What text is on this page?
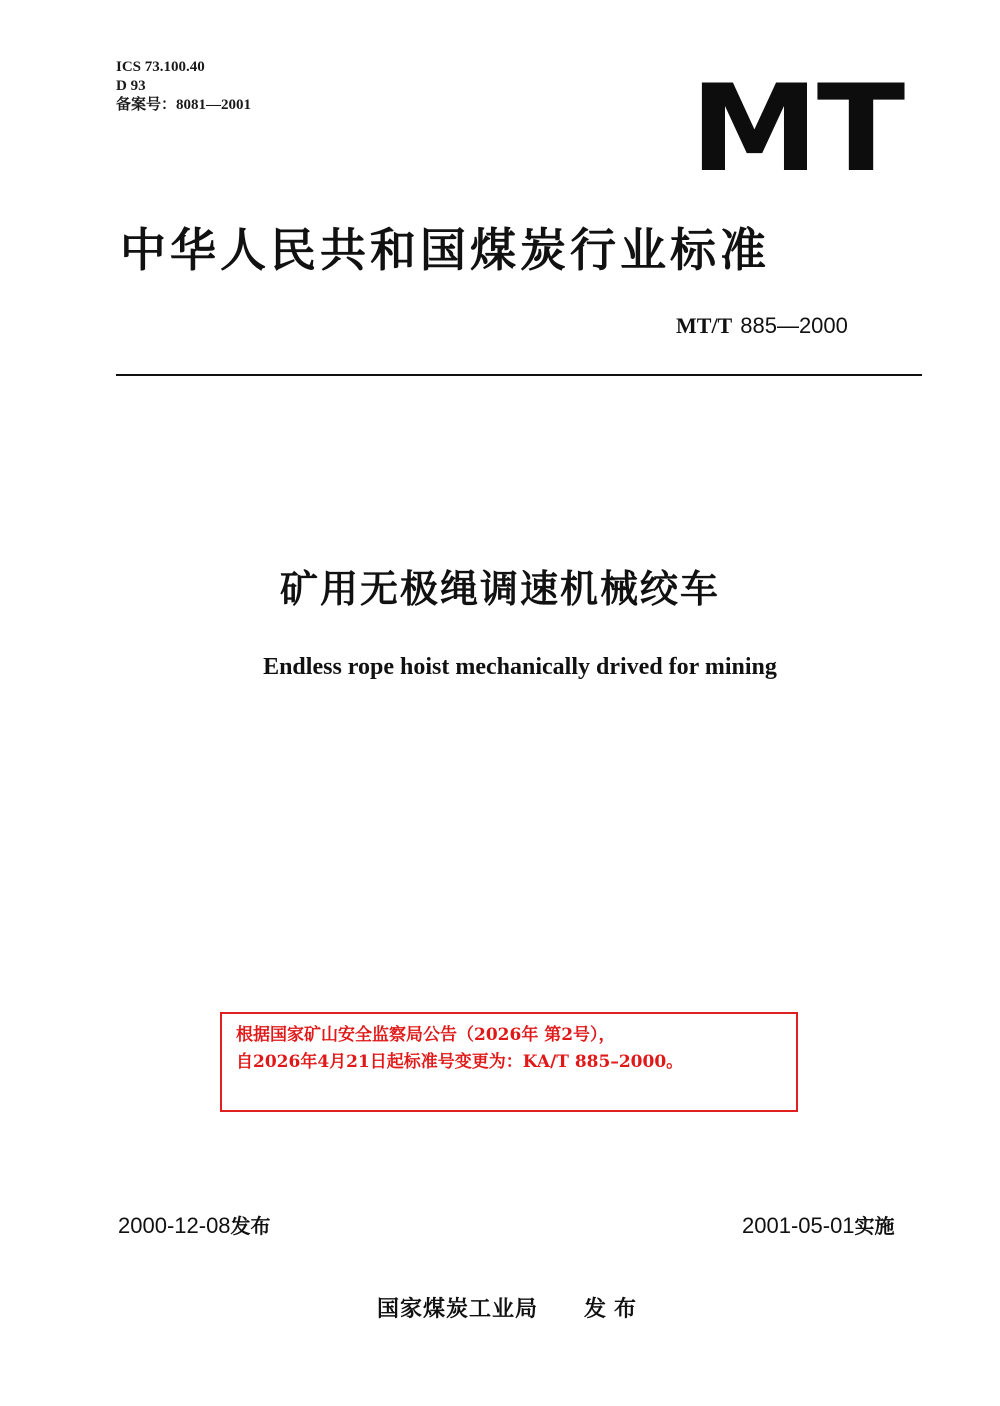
ICS 73.100.40
D 93
备案号：8081—2001	MT
中华人民共和国煤炭行业标准
MT/T 885—2000
矿用无极绳调速机械绞车
Endless rope hoist mechanically drived for mining
根据国家矿山安全监察局公告（2026年 第2号），
自2026年4月21日起标准号变更为：KA/T 885–2000。
2000-12-08发布	2001-05-01实施
国家煤炭工业局 发布
